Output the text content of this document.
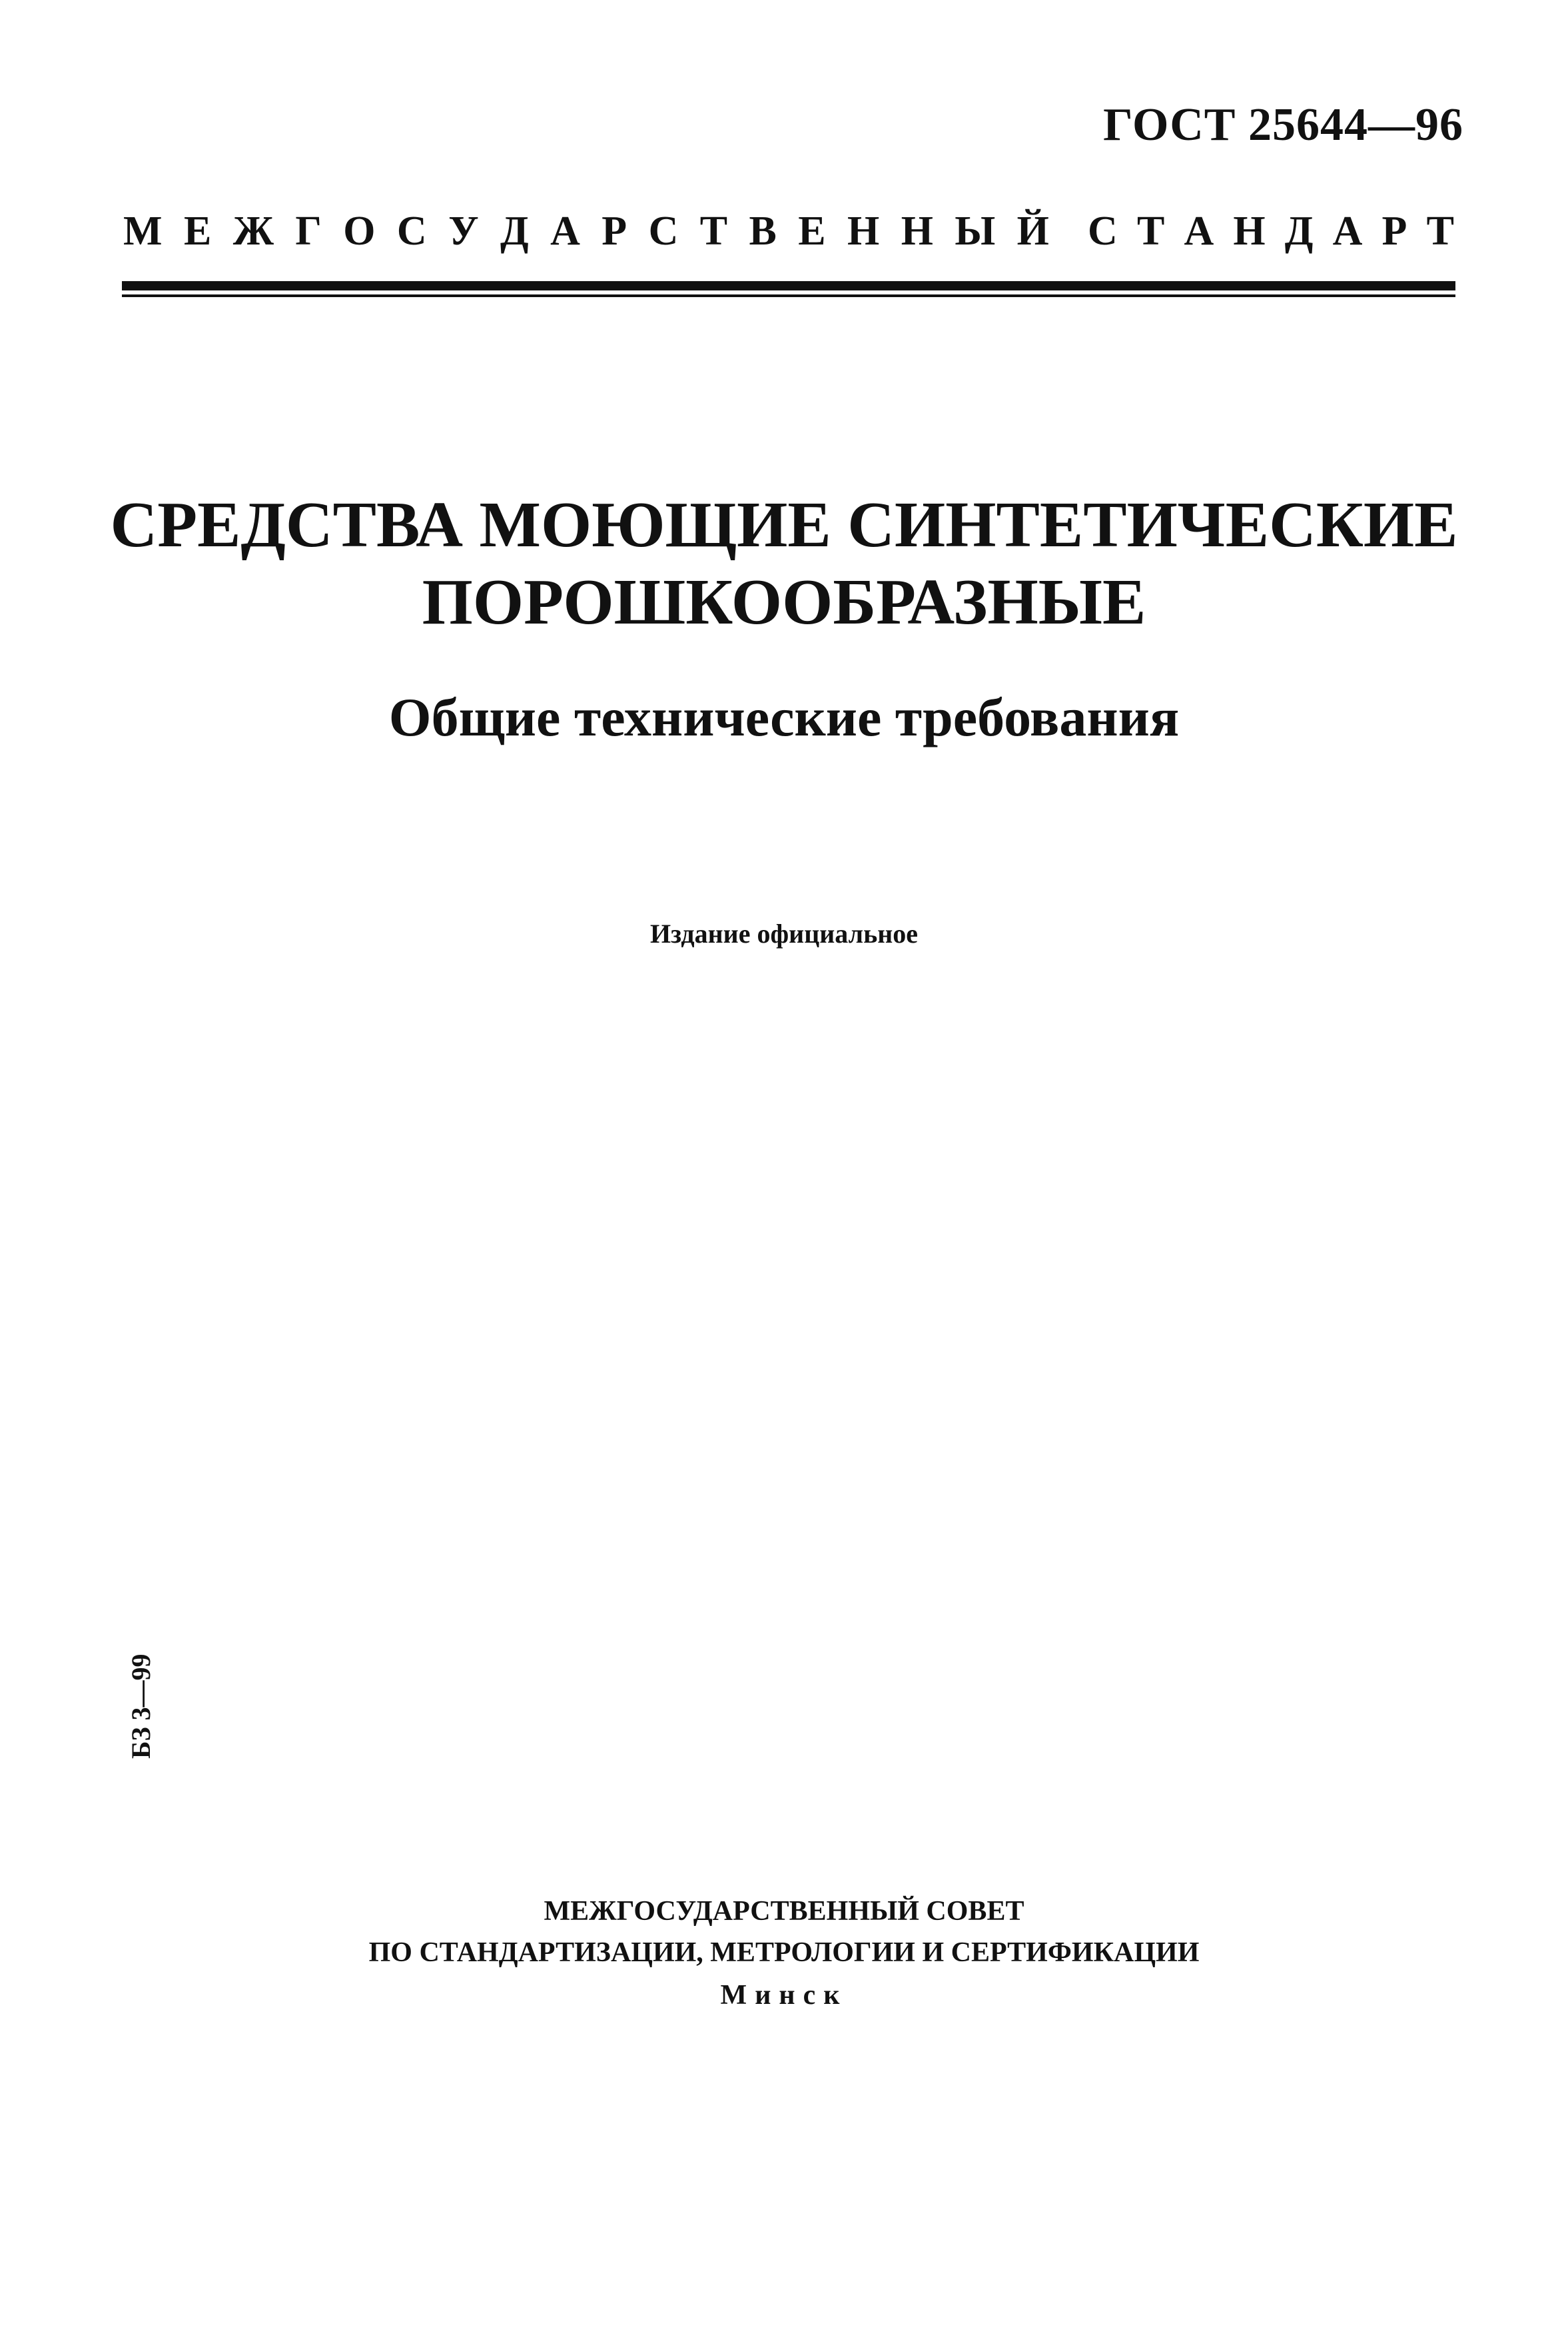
ГОСТ 25644—96
М Е Ж Г О С У Д А Р С Т В Е Н Н Ы Й С Т А Н Д А Р Т
СРЕДСТВА МОЮЩИЕ СИНТЕТИЧЕСКИЕ
ПОРОШКООБРАЗНЫЕ
Общие технические требования
Издание официальное
БЗ 3—99
МЕЖГОСУДАРСТВЕННЫЙ СОВЕТ
ПО СТАНДАРТИЗАЦИИ, МЕТРОЛОГИИ И СЕРТИФИКАЦИИ
Минск
